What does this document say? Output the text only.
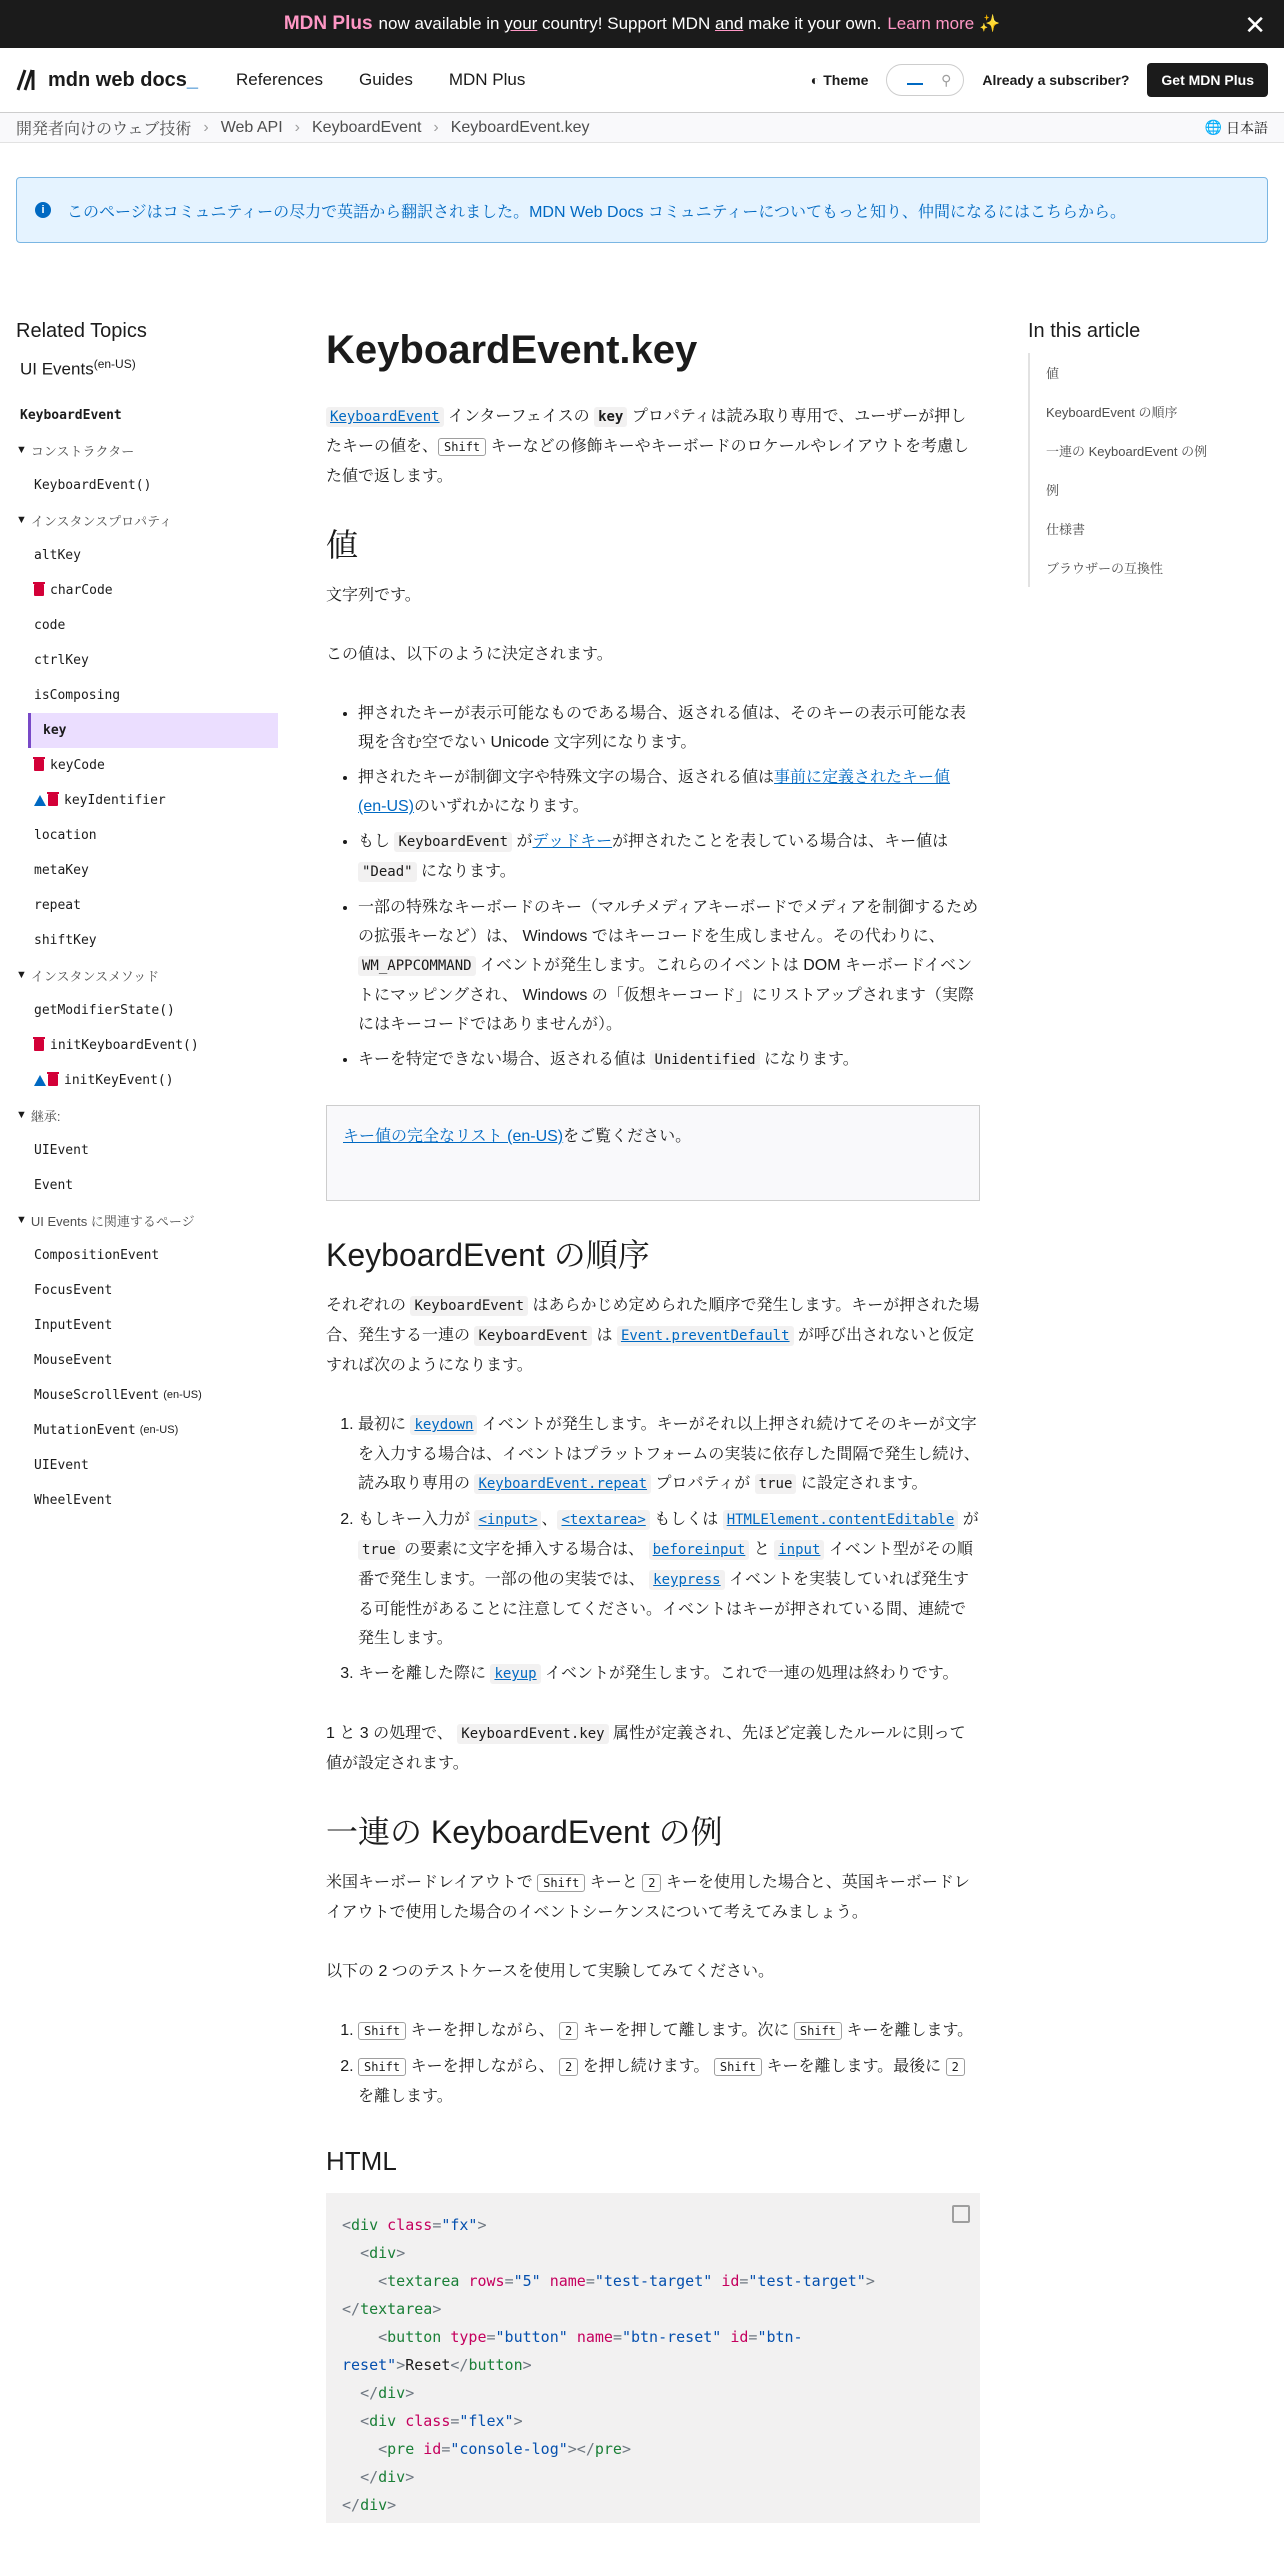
MDN Plus now available in
your
country! Support MDN
and
make it your own. Learn more ✨	✕
mdn web docs _ References Guides MDN Plus	◐ Theme	⚲ Already a subscriber?	Get MDN Plus
開発者向けのウェブ技術 › Web API › KeyboardEvent › KeyboardEvent.key	🌐 日本語
i	このページはコミュニティーの尽力で英語から翻訳されました。MDN Web Docs コミュニティーについてもっと知り、仲間になるにはこちらから。
Related Topics
UI Events$^{(en-US)}$
KeyboardEvent
▼ コンストラクター
KeyboardEvent()
▼ インスタンスプロパティ
altKey
charCode
code
ctrlKey
isComposing
key
keyCode
keyIdentifier
location
metaKey
repeat
shiftKey
▼ インスタンスメソッド
getModifierState()
initKeyboardEvent()
initKeyEvent()
▼ 継承:
UIEvent
Event
▼ UI Events に関連するページ
CompositionEvent
FocusEvent
InputEvent
MouseEvent
MouseScrollEvent (en-US)
MutationEvent (en-US)
UIEvent
WheelEvent
In this article
値
KeyboardEvent の順序
一連の KeyboardEvent の例
例
仕様書
ブラウザーの互換性
KeyboardEvent.key

KeyboardEvent インターフェイスの key プロパティは読み取り専用で、ユーザーが押したキーの値を、 Shift キーなどの修飾キーやキーボードのロケールやレイアウトを考慮した値で返します。

値

文字列です。

この値は、以下のように決定されます。

• 押されたキーが表示可能なものである場合、返される値は、そのキーの表示可能な表現を含む空でない Unicode 文字列になります。
• 押されたキーが制御文字や特殊文字の場合、返される値は事前に定義されたキー値 (en-US)のいずれかになります。
• もし KeyboardEvent がデッドキーが押されたことを表している場合は、キー値は "Dead" になります。
• 一部の特殊なキーボードのキー（マルチメディアキーボードでメディアを制御するための拡張キーなど）は、 Windows ではキーコードを生成しません。その代わりに、 WM_APPCOMMAND イベントが発生します。これらのイベントは DOM キーボードイベントにマッピングされ、 Windows の「仮想キーコード」にリストアップされます（実際にはキーコードではありませんが）。
• キーを特定できない場合、返される値は Unidentified になります。
キー値の完全なリスト (en-US)をご覧ください。
KeyboardEvent の順序

それぞれの KeyboardEvent はあらかじめ定められた順序で発生します。キーが押された場合、発生する一連の KeyboardEvent は Event.preventDefault が呼び出されないと仮定すれば次のようになります。

1. 最初に keydown イベントが発生します。キーがそれ以上押され続けてそのキーが文字を入力する場合は、イベントはプラットフォームの実装に依存した間隔で発生し続け、読み取り専用の KeyboardEvent.repeat プロパティが true に設定されます。
2. もしキー入力が <input> 、 <textarea> もしくは HTMLElement.contentEditable が true の要素に文字を挿入する場合は、 beforeinput と input イベント型がその順番で発生します。一部の他の実装では、 keypress イベントを実装していれば発生する可能性があることに注意してください。イベントはキーが押されている間、連続で発生します。
3. キーを離した際に keyup イベントが発生します。これで一連の処理は終わりです。

1 と 3 の処理で、 KeyboardEvent.key 属性が定義され、先ほど定義したルールに則って値が設定されます。

一連の KeyboardEvent の例

米国キーボードレイアウトで Shift キーと 2 キーを使用した場合と、英国キーボードレイアウトで使用した場合のイベントシーケンスについて考えてみましょう。

以下の 2 つのテストケースを使用して実験してみてください。

1. Shift キーを押しながら、 2 キーを押して離します。次に Shift キーを離します。
2. Shift キーを押しながら、 2 を押し続けます。 Shift キーを離します。最後に 2 を離します。
HTML
<div class="fx">
<div>
<textarea rows="5" name="test-target" id="test-target"></textarea>
<button type="button" name="btn-reset" id="btn-reset">Reset</button>
</div>
<div class="flex">
<pre id="console-log"></pre>
</div>
</div>
